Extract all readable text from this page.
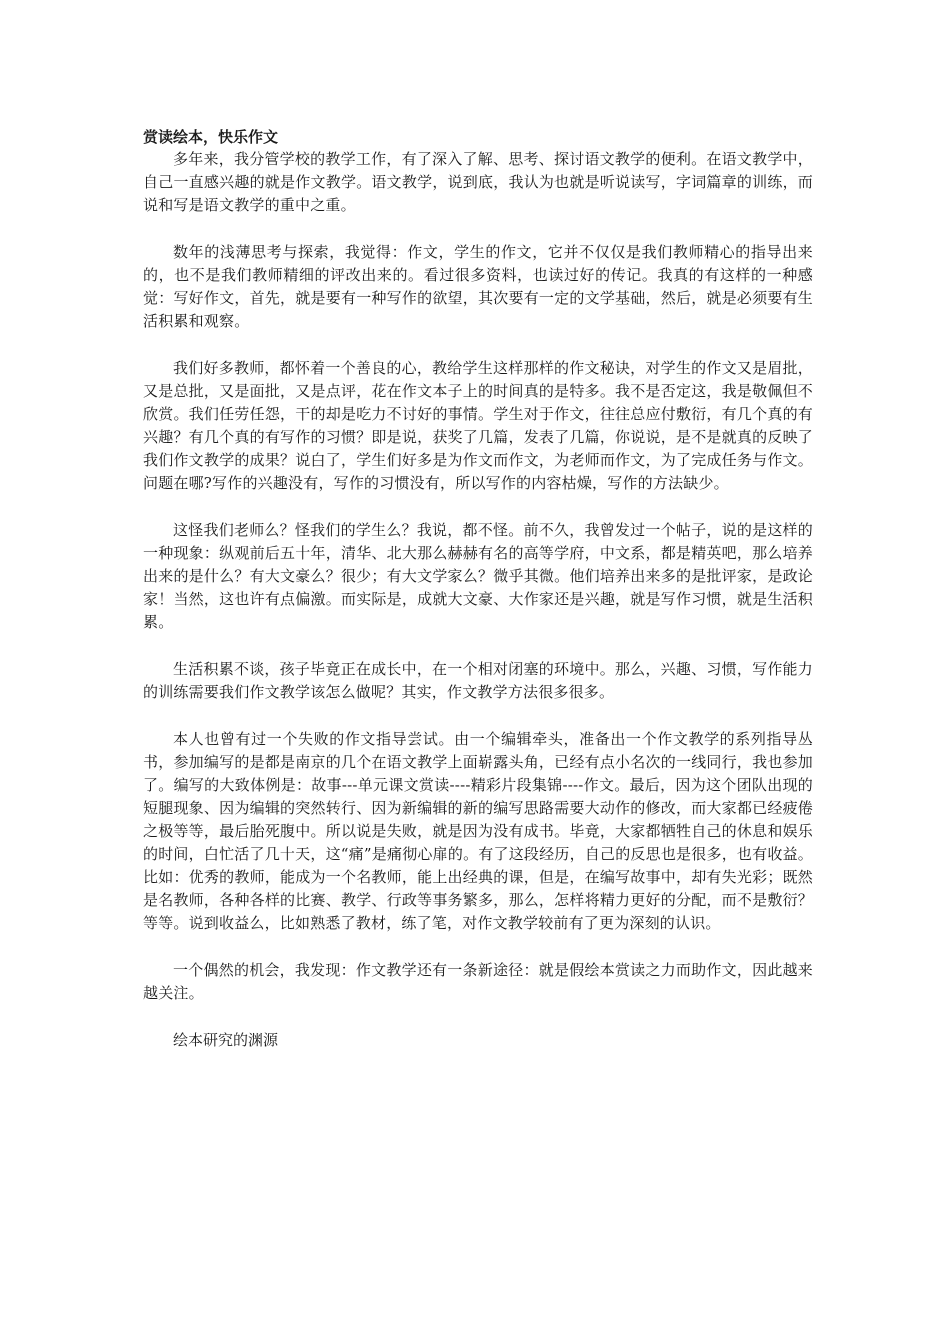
赏读绘本，快乐作文

多年来，我分管学校的教学工作，有了深入了解、思考、探讨语文教学的便利。在语文教学中，自己一直感兴趣的就是作文教学。语文教学，说到底，我认为也就是听说读写，字词篇章的训练，而说和写是语文教学的重中之重。

数年的浅薄思考与探索，我觉得：作文，学生的作文，它并不仅仅是我们教师精心的指导出来的，也不是我们教师精细的评改出来的。看过很多资料，也读过好的传记。我真的有这样的一种感觉：写好作文，首先，就是要有一种写作的欲望，其次要有一定的文学基础，然后，就是必须要有生活积累和观察。

我们好多教师，都怀着一个善良的心，教给学生这样那样的作文秘诀，对学生的作文又是眉批，又是总批，又是面批，又是点评，花在作文本子上的时间真的是特多。我不是否定这，我是敬佩但不欣赏。我们任劳任怨，干的却是吃力不讨好的事情。学生对于作文，往往总应付敷衍，有几个真的有兴趣？有几个真的有写作的习惯？即是说，获奖了几篇，发表了几篇，你说说，是不是就真的反映了我们作文教学的成果？说白了，学生们好多是为作文而作文，为老师而作文，为了完成任务与作文。问题在哪?写作的兴趣没有，写作的习惯没有，所以写作的内容枯燥，写作的方法缺少。

这怪我们老师么？怪我们的学生么？我说，都不怪。前不久，我曾发过一个帖子，说的是这样的一种现象：纵观前后五十年，清华、北大那么赫赫有名的高等学府，中文系，都是精英吧，那么培养出来的是什么？有大文豪么？很少；有大文学家么？微乎其微。他们培养出来多的是批评家，是政论家！当然，这也许有点偏激。而实际是，成就大文豪、大作家还是兴趣，就是写作习惯，就是生活积累。

生活积累不谈，孩子毕竟正在成长中，在一个相对闭塞的环境中。那么，兴趣、习惯，写作能力的训练需要我们作文教学该怎么做呢？其实，作文教学方法很多很多。

本人也曾有过一个失败的作文指导尝试。由一个编辑牵头，准备出一个作文教学的系列指导丛书，参加编写的是都是南京的几个在语文教学上面崭露头角，已经有点小名次的一线同行，我也参加了。编写的大致体例是：故事---单元课文赏读----精彩片段集锦----作文。最后，因为这个团队出现的短腿现象、因为编辑的突然转行、因为新编辑的新的编写思路需要大动作的修改，而大家都已经疲倦之极等等，最后胎死腹中。所以说是失败，就是因为没有成书。毕竟，大家都牺牲自己的休息和娱乐的时间，白忙活了几十天，这“痛”是痛彻心扉的。有了这段经历，自己的反思也是很多，也有收益。比如：优秀的教师，能成为一个名教师，能上出经典的课，但是，在编写故事中，却有失光彩；既然是名教师，各种各样的比赛、教学、行政等事务繁多，那么，怎样将精力更好的分配，而不是敷衍？等等。说到收益么，比如熟悉了教材，练了笔，对作文教学较前有了更为深刻的认识。

一个偶然的机会，我发现：作文教学还有一条新途径：就是假绘本赏读之力而助作文，因此越来越关注。

绘本研究的渊源
